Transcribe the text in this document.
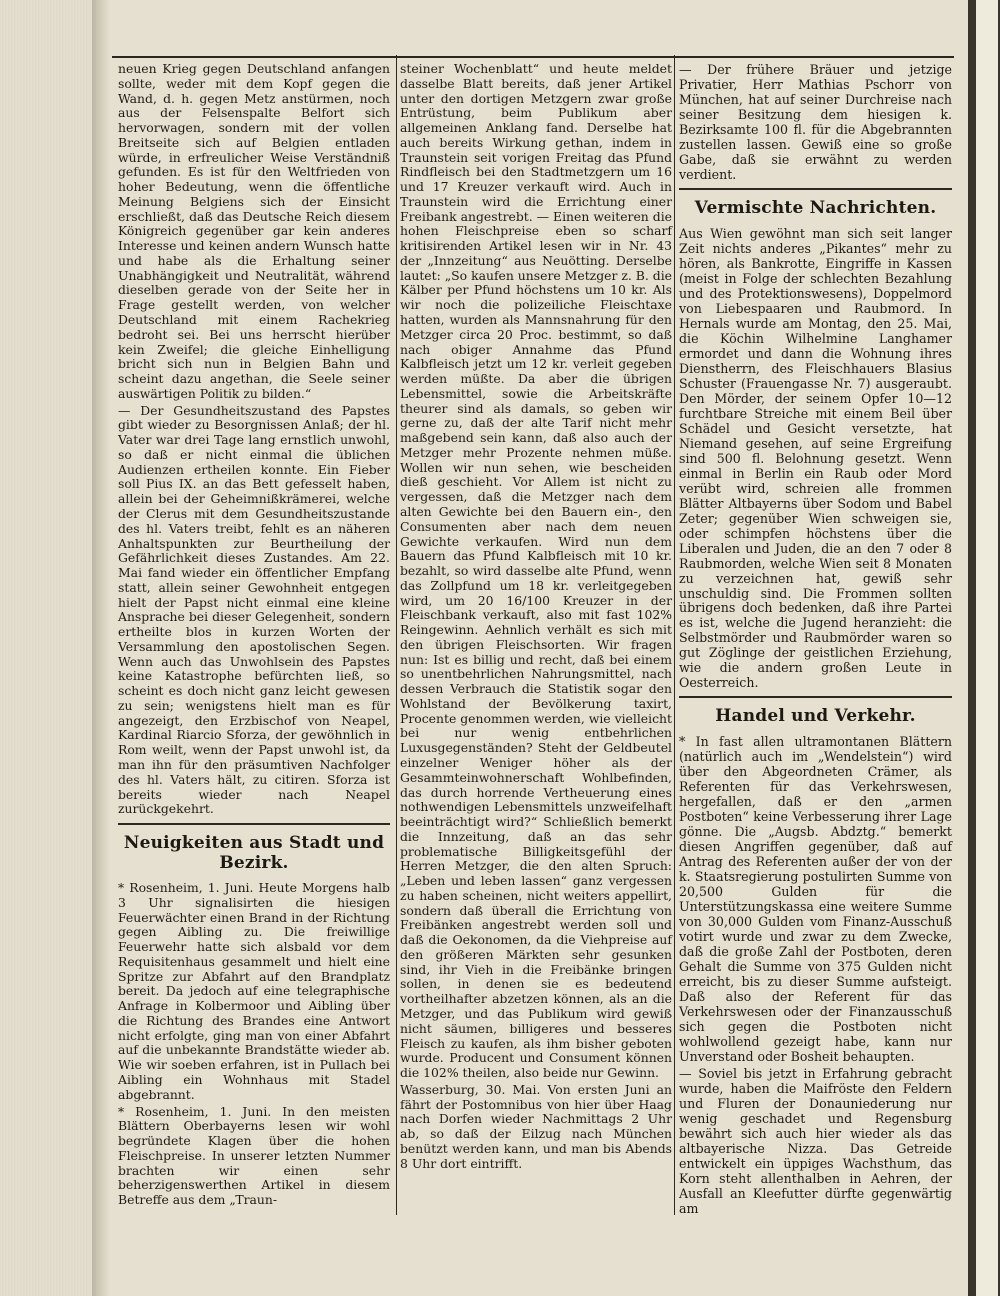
neuen Krieg gegen Deutschland anfangen sollte, weder mit dem Kopf gegen die Wand, d. h. gegen Metz anstürmen, noch aus der Felsenspalte Belfort sich hervorwagen, sondern mit der vollen Breitseite sich auf Belgien entladen würde, in erfreulicher Weise Verständniß gefunden. Es ist für den Weltfrieden von hoher Bedeutung, wenn die öffentliche Meinung Belgiens sich der Einsicht erschließt, daß das Deutsche Reich diesem Königreich gegenüber gar kein anderes Interesse und keinen andern Wunsch hatte und habe als die Erhaltung seiner Unabhängigkeit und Neutralität, während dieselben gerade von der Seite her in Frage gestellt werden, von welcher Deutschland mit einem Rachekrieg bedroht sei. Bei uns herrscht hierüber kein Zweifel; die gleiche Einhelligung bricht sich nun in Belgien Bahn und scheint dazu angethan, die Seele seiner auswärtigen Politik zu bilden.“

— Der Gesundheitszustand des Papstes gibt wieder zu Besorgnissen Anlaß; der hl. Vater war drei Tage lang ernstlich unwohl, so daß er nicht einmal die üblichen Audienzen ertheilen konnte. Ein Fieber soll Pius IX. an das Bett gefesselt haben, allein bei der Geheimnißkrämerei, welche der Clerus mit dem Gesundheitszustande des hl. Vaters treibt, fehlt es an näheren Anhaltspunkten zur Beurtheilung der Gefährlichkeit dieses Zustandes. Am 22. Mai fand wieder ein öffentlicher Empfang statt, allein seiner Gewohnheit entgegen hielt der Papst nicht einmal eine kleine Ansprache bei dieser Gelegenheit, sondern ertheilte blos in kurzen Worten der Versammlung den apostolischen Segen. Wenn auch das Unwohlsein des Papstes keine Katastrophe befürchten ließ, so scheint es doch nicht ganz leicht gewesen zu sein; wenigstens hielt man es für angezeigt, den Erzbischof von Neapel, Kardinal Riarcio Sforza, der gewöhnlich in Rom weilt, wenn der Papst unwohl ist, da man ihn für den präsumtiven Nachfolger des hl. Vaters hält, zu citiren. Sforza ist bereits wieder nach Neapel zurückgekehrt.

Neuigkeiten aus Stadt und Bezirk.

* Rosenheim, 1. Juni. Heute Morgens halb 3 Uhr signalisirten die hiesigen Feuerwächter einen Brand in der Richtung gegen Aibling zu. Die freiwillige Feuerwehr hatte sich alsbald vor dem Requisitenhaus gesammelt und hielt eine Spritze zur Abfahrt auf den Brandplatz bereit. Da jedoch auf eine telegraphische Anfrage in Kolbermoor und Aibling über die Richtung des Brandes eine Antwort nicht erfolgte, ging man von einer Abfahrt auf die unbekannte Brandstätte wieder ab. Wie wir soeben erfahren, ist in Pullach bei Aibling ein Wohnhaus mit Stadel abgebrannt.

* Rosenheim, 1. Juni. In den meisten Blättern Oberbayerns lesen wir wohl begründete Klagen über die hohen Fleischpreise. In unserer letzten Nummer brachten wir einen sehr beherzigenswerthen Artikel in diesem Betreffe aus dem „Traun-

steiner Wochenblatt“ und heute meldet dasselbe Blatt bereits, daß jener Artikel unter den dortigen Metzgern zwar große Entrüstung, beim Publikum aber allgemeinen Anklang fand. Derselbe hat auch bereits Wirkung gethan, indem in Traunstein seit vorigen Freitag das Pfund Rindfleisch bei den Stadtmetzgern um 16 und 17 Kreuzer verkauft wird. Auch in Traunstein wird die Errichtung einer Freibank angestrebt. — Einen weiteren die hohen Fleischpreise eben so scharf kritisirenden Artikel lesen wir in Nr. 43 der „Innzeitung“ aus Neuötting. Derselbe lautet: „So kaufen unsere Metzger z. B. die Kälber per Pfund höchstens um 10 kr. Als wir noch die polizeiliche Fleischtaxe hatten, wurden als Mannsnahrung für den Metzger circa 20 Proc. bestimmt, so daß nach obiger Annahme das Pfund Kalbfleisch jetzt um 12 kr. verleit gegeben werden müßte. Da aber die übrigen Lebensmittel, sowie die Arbeitskräfte theurer sind als damals, so geben wir gerne zu, daß der alte Tarif nicht mehr maßgebend sein kann, daß also auch der Metzger mehr Prozente nehmen müße. Wollen wir nun sehen, wie bescheiden dieß geschieht. Vor Allem ist nicht zu vergessen, daß die Metzger nach dem alten Gewichte bei den Bauern ein-, den Consumenten aber nach dem neuen Gewichte verkaufen. Wird nun dem Bauern das Pfund Kalbfleisch mit 10 kr. bezahlt, so wird dasselbe alte Pfund, wenn das Zollpfund um 18 kr. verleitgegeben wird, um 20 16/100 Kreuzer in der Fleischbank verkauft, also mit fast 102% Reingewinn. Aehnlich verhält es sich mit den übrigen Fleischsorten. Wir fragen nun: Ist es billig und recht, daß bei einem so unentbehrlichen Nahrungsmittel, nach dessen Verbrauch die Statistik sogar den Wohlstand der Bevölkerung taxirt, Procente genommen werden, wie vielleicht bei nur wenig entbehrlichen Luxusgegenständen? Steht der Geldbeutel einzelner Weniger höher als der Gesammteinwohnerschaft Wohlbefinden, das durch horrende Vertheuerung eines nothwendigen Lebensmittels unzweifelhaft beeinträchtigt wird?“ Schließlich bemerkt die Innzeitung, daß an das sehr problematische Billigkeitsgefühl der Herren Metzger, die den alten Spruch: „Leben und leben lassen“ ganz vergessen zu haben scheinen, nicht weiters appellirt, sondern daß überall die Errichtung von Freibänken angestrebt werden soll und daß die Oekonomen, da die Viehpreise auf den größeren Märkten sehr gesunken sind, ihr Vieh in die Freibänke bringen sollen, in denen sie es bedeutend vortheilhafter abzetzen können, als an die Metzger, und das Publikum wird gewiß nicht säumen, billigeres und besseres Fleisch zu kaufen, als ihm bisher geboten wurde. Producent und Consument können die 102% theilen, also beide nur Gewinn.

Wasserburg, 30. Mai. Von ersten Juni an fährt der Postomnibus von hier über Haag nach Dorfen wieder Nachmittags 2 Uhr ab, so daß der Eilzug nach München benützt werden kann, und man bis Abends 8 Uhr dort eintrifft.

— Der frühere Bräuer und jetzige Privatier, Herr Mathias Pschorr von München, hat auf seiner Durchreise nach seiner Besitzung dem hiesigen k. Bezirksamte 100 fl. für die Abgebrannten zustellen lassen. Gewiß eine so große Gabe, daß sie erwähnt zu werden verdient.

Vermischte Nachrichten.

Aus Wien gewöhnt man sich seit langer Zeit nichts anderes „Pikantes“ mehr zu hören, als Bankrotte, Eingriffe in Kassen (meist in Folge der schlechten Bezahlung und des Protektionswesens), Doppelmord von Liebespaaren und Raubmord. In Hernals wurde am Montag, den 25. Mai, die Köchin Wilhelmine Langhamer ermordet und dann die Wohnung ihres Dienstherrn, des Fleischhauers Blasius Schuster (Frauengasse Nr. 7) ausgeraubt. Den Mörder, der seinem Opfer 10—12 furchtbare Streiche mit einem Beil über Schädel und Gesicht versetzte, hat Niemand gesehen, auf seine Ergreifung sind 500 fl. Belohnung gesetzt. Wenn einmal in Berlin ein Raub oder Mord verübt wird, schreien alle frommen Blätter Altbayerns über Sodom und Babel Zeter; gegenüber Wien schweigen sie, oder schimpfen höchstens über die Liberalen und Juden, die an den 7 oder 8 Raubmorden, welche Wien seit 8 Monaten zu verzeichnen hat, gewiß sehr unschuldig sind. Die Frommen sollten übrigens doch bedenken, daß ihre Partei es ist, welche die Jugend heranzieht: die Selbstmörder und Raubmörder waren so gut Zöglinge der geistlichen Erziehung, wie die andern großen Leute in Oesterreich.

Handel und Verkehr.

* In fast allen ultramontanen Blättern (natürlich auch im „Wendelstein“) wird über den Abgeordneten Crämer, als Referenten für das Verkehrswesen, hergefallen, daß er den „armen Postboten“ keine Verbesserung ihrer Lage gönne. Die „Augsb. Abdztg.“ bemerkt diesen Angriffen gegenüber, daß auf Antrag des Referenten außer der von der k. Staatsregierung postulirten Summe von 20,500 Gulden für die Unterstützungskassa eine weitere Summe von 30,000 Gulden vom Finanz-Ausschuß votirt wurde und zwar zu dem Zwecke, daß die große Zahl der Postboten, deren Gehalt die Summe von 375 Gulden nicht erreicht, bis zu dieser Summe aufsteigt. Daß also der Referent für das Verkehrswesen oder der Finanzausschuß sich gegen die Postboten nicht wohlwollend gezeigt habe, kann nur Unverstand oder Bosheit behaupten.

— Soviel bis jetzt in Erfahrung gebracht wurde, haben die Maifröste den Feldern und Fluren der Donauniederung nur wenig geschadet und Regensburg bewährt sich auch hier wieder als das altbayerische Nizza. Das Getreide entwickelt ein üppiges Wachsthum, das Korn steht allenthalben in Aehren, der Ausfall an Kleefutter dürfte gegenwärtig am
